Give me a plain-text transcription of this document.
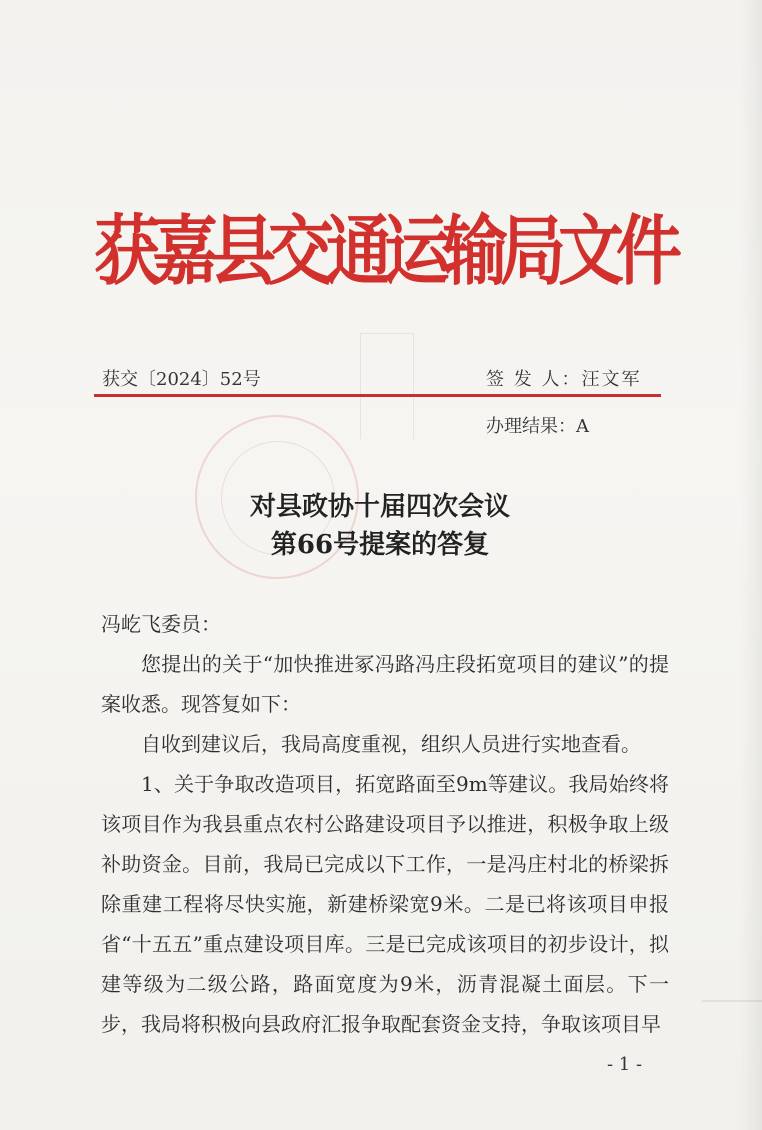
获嘉县交通运输局文件
获交〔2024〕52号	签 发 人：汪文军
办理结果：A
对县政协十届四次会议
第66号提案的答复
冯屹飞委员：

您提出的关于“加快推进冢冯路冯庄段拓宽项目的建议”的提案收悉。现答复如下：

自收到建议后，我局高度重视，组织人员进行实地查看。

1、关于争取改造项目，拓宽路面至9m等建议。我局始终将该项目作为我县重点农村公路建设项目予以推进，积极争取上级补助资金。目前，我局已完成以下工作，一是冯庄村北的桥梁拆除重建工程将尽快实施，新建桥梁宽9米。二是已将该项目申报省“十五五”重点建设项目库。三是已完成该项目的初步设计，拟建等级为二级公路，路面宽度为9米，沥青混凝土面层。下一步，我局将积极向县政府汇报争取配套资金支持，争取该项目早

- 1 -
